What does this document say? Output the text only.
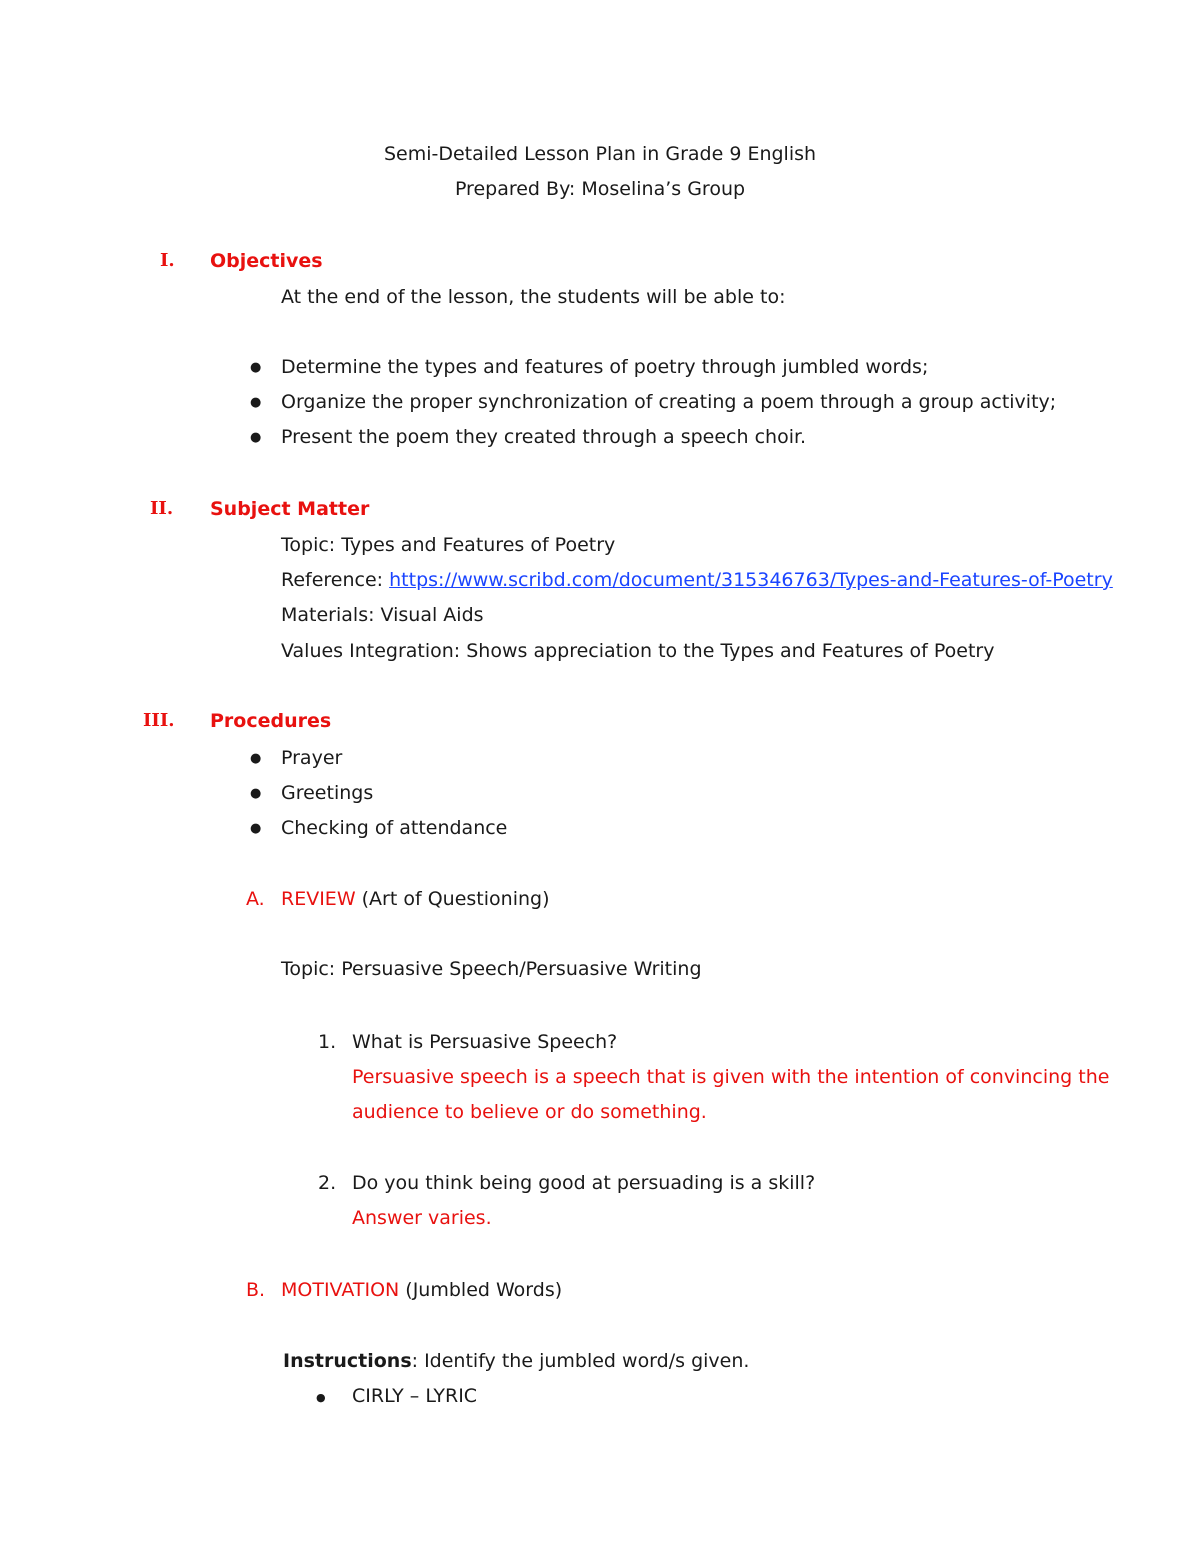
Semi-Detailed Lesson Plan in Grade 9 English
Prepared By: Moselina’s Group
I. Objectives
At the end of the lesson, the students will be able to:
● Determine the types and features of poetry through jumbled words;
● Organize the proper synchronization of creating a poem through a group activity;
● Present the poem they created through a speech choir.
II. Subject Matter
Topic: Types and Features of Poetry
Reference: https://www.scribd.com/document/315346763/Types-and-Features-of-Poetry
Materials: Visual Aids
Values Integration: Shows appreciation to the Types and Features of Poetry
III. Procedures
● Prayer
● Greetings
● Checking of attendance
A. REVIEW (Art of Questioning)
Topic: Persuasive Speech/Persuasive Writing
1. What is Persuasive Speech?
Persuasive speech is a speech that is given with the intention of convincing the
audience to believe or do something.
2. Do you think being good at persuading is a skill?
Answer varies.
B. MOTIVATION (Jumbled Words)
Instructions: Identify the jumbled word/s given.
● CIRLY – LYRIC
